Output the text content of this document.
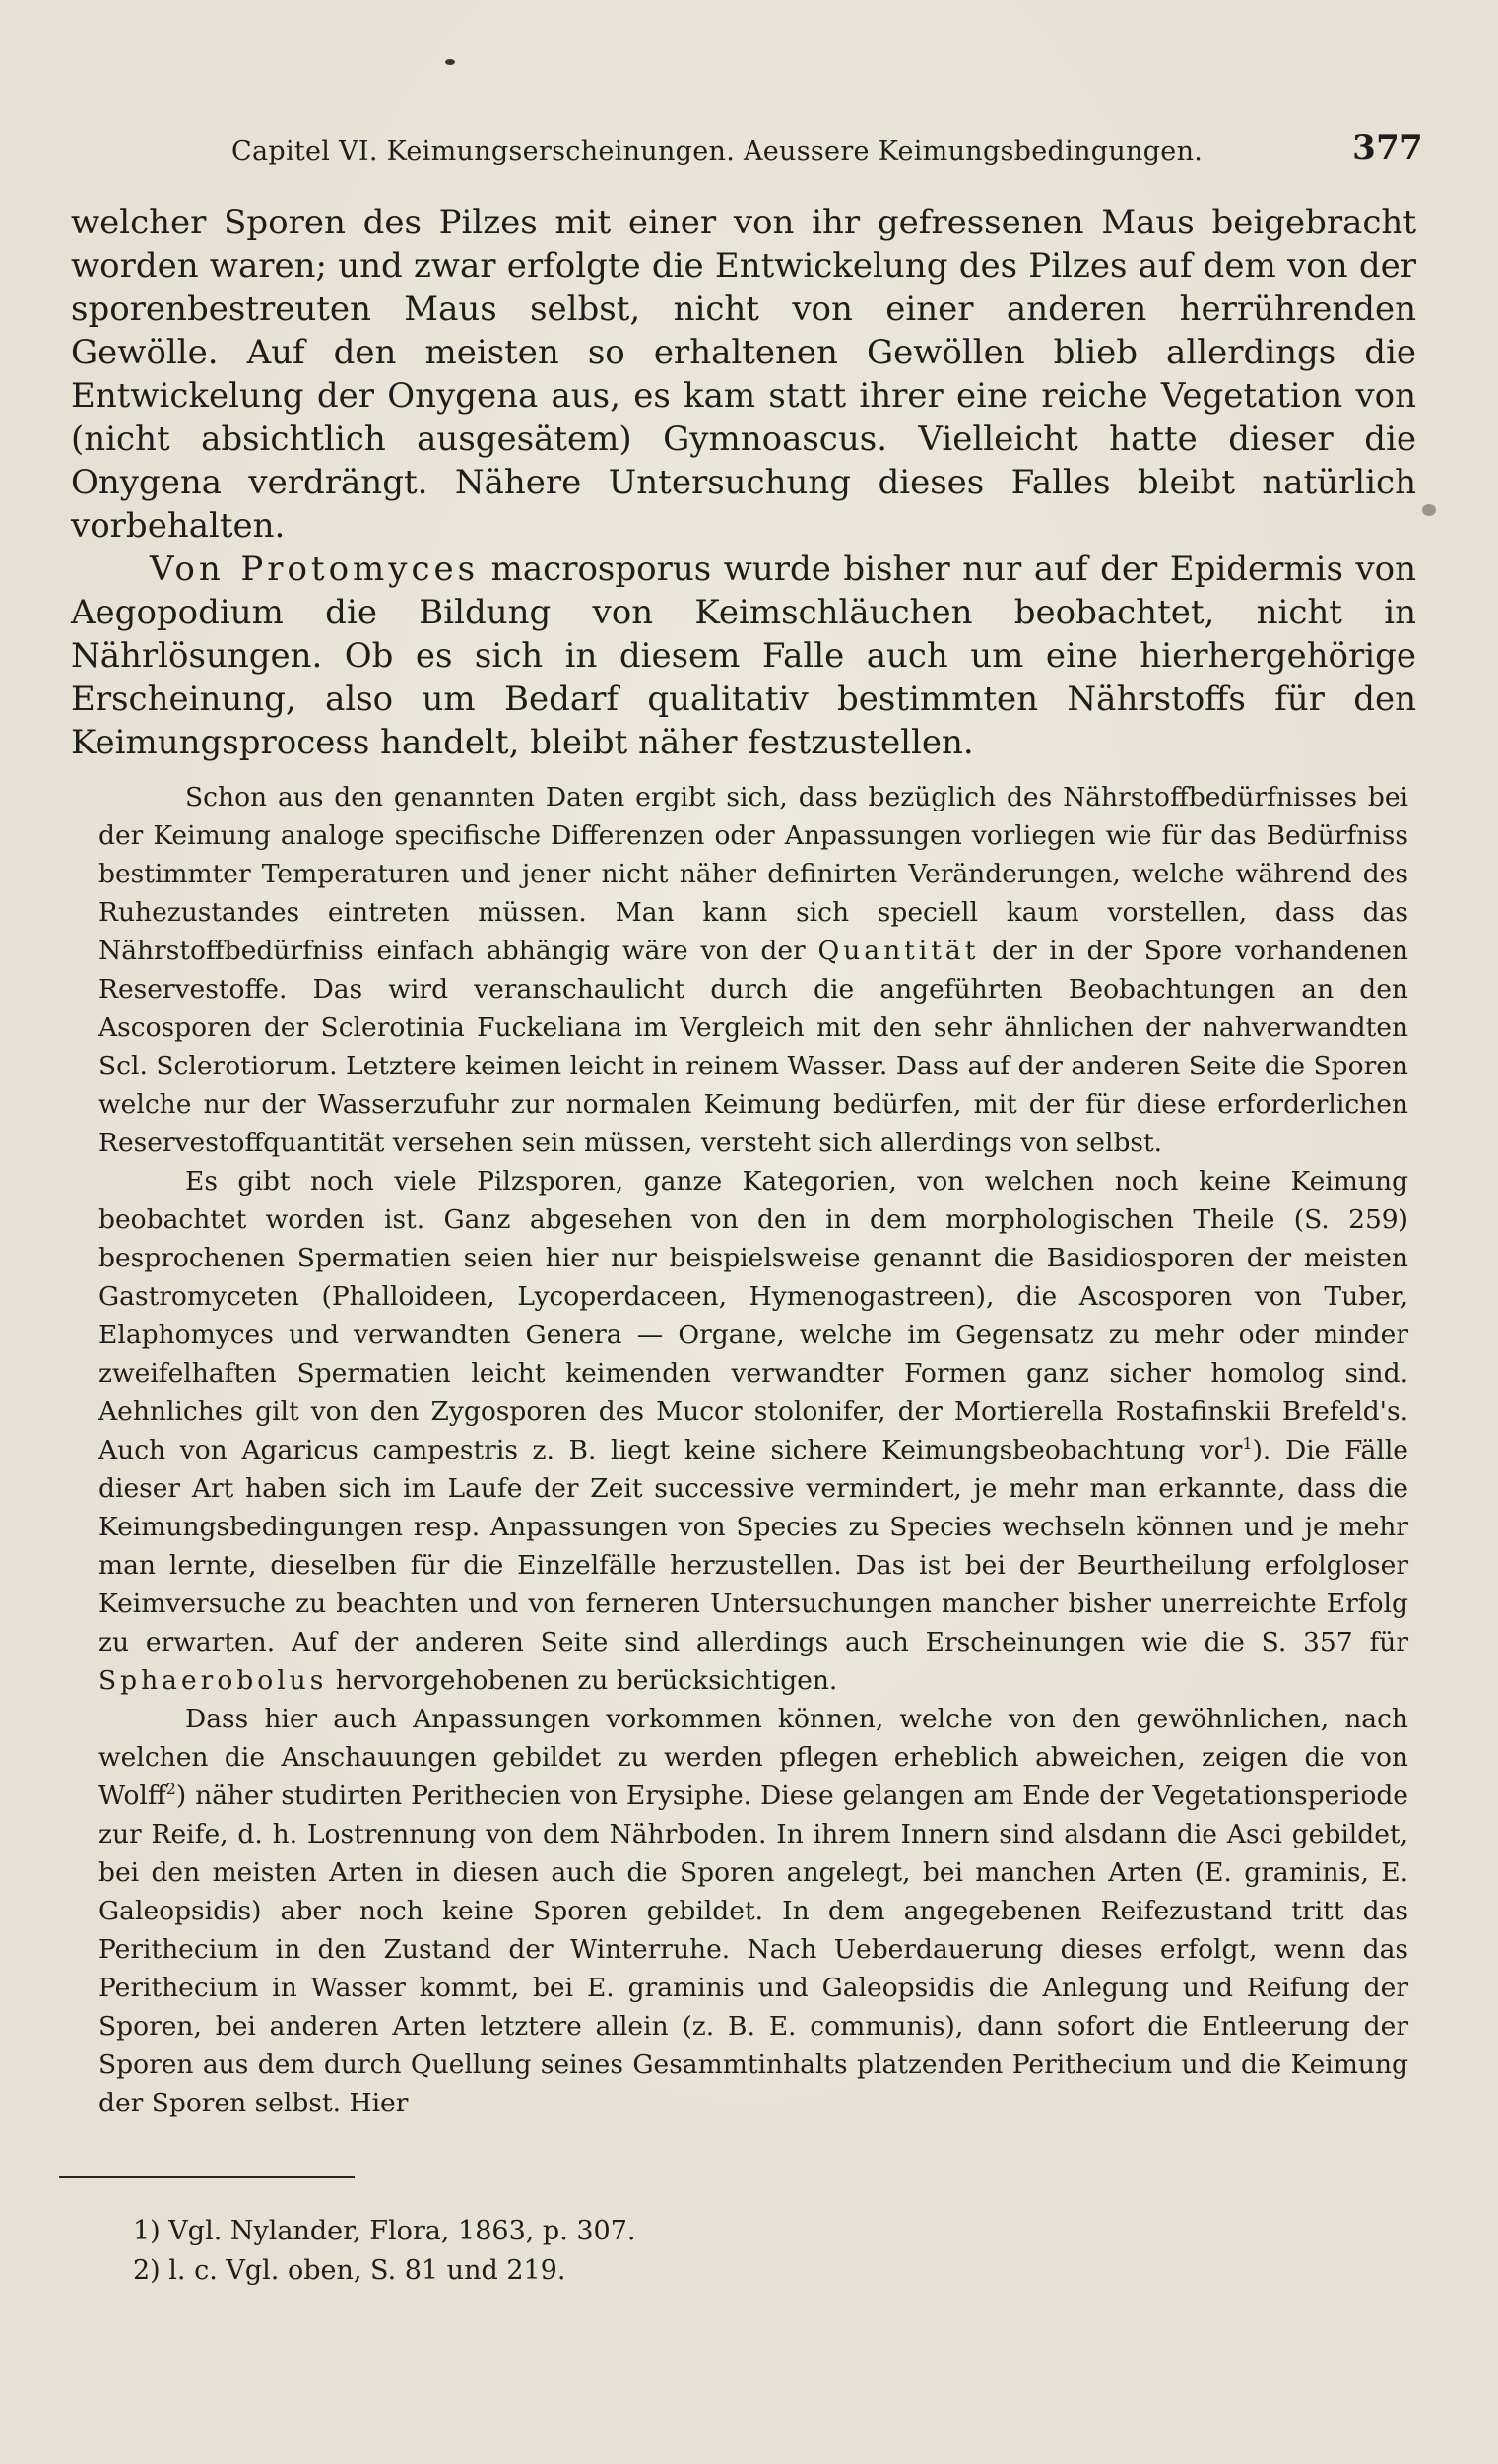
Capitel VI. Keimungserscheinungen. Aeussere Keimungsbedingungen.	377

welcher Sporen des Pilzes mit einer von ihr gefressenen Maus beigebracht worden waren; und zwar erfolgte die Entwickelung des Pilzes auf dem von der sporenbestreuten Maus selbst, nicht von einer anderen herrührenden Gewölle. Auf den meisten so erhaltenen Gewöllen blieb allerdings die Entwickelung der Onygena aus, es kam statt ihrer eine reiche Vegetation von (nicht absichtlich ausgesätem) Gymnoascus. Vielleicht hatte dieser die Onygena verdrängt. Nähere Untersuchung dieses Falles bleibt natürlich vorbehalten.

Von Protomyces macrosporus wurde bisher nur auf der Epidermis von Aegopodium die Bildung von Keimschläuchen beobachtet, nicht in Nährlösungen. Ob es sich in diesem Falle auch um eine hierhergehörige Erscheinung, also um Bedarf qualitativ bestimmten Nährstoffs für den Keimungsprocess handelt, bleibt näher festzustellen.

Schon aus den genannten Daten ergibt sich, dass bezüglich des Nährstoffbedürfnisses bei der Keimung analoge specifische Differenzen oder Anpassungen vorliegen wie für das Bedürfniss bestimmter Temperaturen und jener nicht näher definirten Veränderungen, welche während des Ruhezustandes eintreten müssen. Man kann sich speciell kaum vorstellen, dass das Nährstoffbedürfniss einfach abhängig wäre von der Quantität der in der Spore vorhandenen Reservestoffe. Das wird veranschaulicht durch die angeführten Beobachtungen an den Ascosporen der Sclerotinia Fuckeliana im Vergleich mit den sehr ähnlichen der nahverwandten Scl. Sclerotiorum. Letztere keimen leicht in reinem Wasser. Dass auf der anderen Seite die Sporen welche nur der Wasserzufuhr zur normalen Keimung bedürfen, mit der für diese erforderlichen Reservestoffquantität versehen sein müssen, versteht sich allerdings von selbst.

Es gibt noch viele Pilzsporen, ganze Kategorien, von welchen noch keine Keimung beobachtet worden ist. Ganz abgesehen von den in dem morphologischen Theile (S. 259) besprochenen Spermatien seien hier nur beispielsweise genannt die Basidiosporen der meisten Gastromyceten (Phalloideen, Lycoperdaceen, Hymenogastreen), die Ascosporen von Tuber, Elaphomyces und verwandten Genera — Organe, welche im Gegensatz zu mehr oder minder zweifelhaften Spermatien leicht keimenden verwandter Formen ganz sicher homolog sind. Aehnliches gilt von den Zygosporen des Mucor stolonifer, der Mortierella Rostafinskii Brefeld's. Auch von Agaricus campestris z. B. liegt keine sichere Keimungsbeobachtung vor$^1$). Die Fälle dieser Art haben sich im Laufe der Zeit successive vermindert, je mehr man erkannte, dass die Keimungsbedingungen resp. Anpassungen von Species zu Species wechseln können und je mehr man lernte, dieselben für die Einzelfälle herzustellen. Das ist bei der Beurtheilung erfolgloser Keimversuche zu beachten und von ferneren Untersuchungen mancher bisher unerreichte Erfolg zu erwarten. Auf der anderen Seite sind allerdings auch Erscheinungen wie die S. 357 für Sphaerobolus hervorgehobenen zu berücksichtigen.

Dass hier auch Anpassungen vorkommen können, welche von den gewöhnlichen, nach welchen die Anschauungen gebildet zu werden pflegen erheblich abweichen, zeigen die von Wolff$^2$) näher studirten Perithecien von Erysiphe. Diese gelangen am Ende der Vegetationsperiode zur Reife, d. h. Lostrennung von dem Nährboden. In ihrem Innern sind alsdann die Asci gebildet, bei den meisten Arten in diesen auch die Sporen angelegt, bei manchen Arten (E. graminis, E. Galeopsidis) aber noch keine Sporen gebildet. In dem angegebenen Reifezustand tritt das Perithecium in den Zustand der Winterruhe. Nach Ueberdauerung dieses erfolgt, wenn das Perithecium in Wasser kommt, bei E. graminis und Galeopsidis die Anlegung und Reifung der Sporen, bei anderen Arten letztere allein (z. B. E. communis), dann sofort die Entleerung der Sporen aus dem durch Quellung seines Gesammtinhalts platzenden Perithecium und die Keimung der Sporen selbst. Hier

1) Vgl. Nylander, Flora, 1863, p. 307.
2) l. c. Vgl. oben, S. 81 und 219.
